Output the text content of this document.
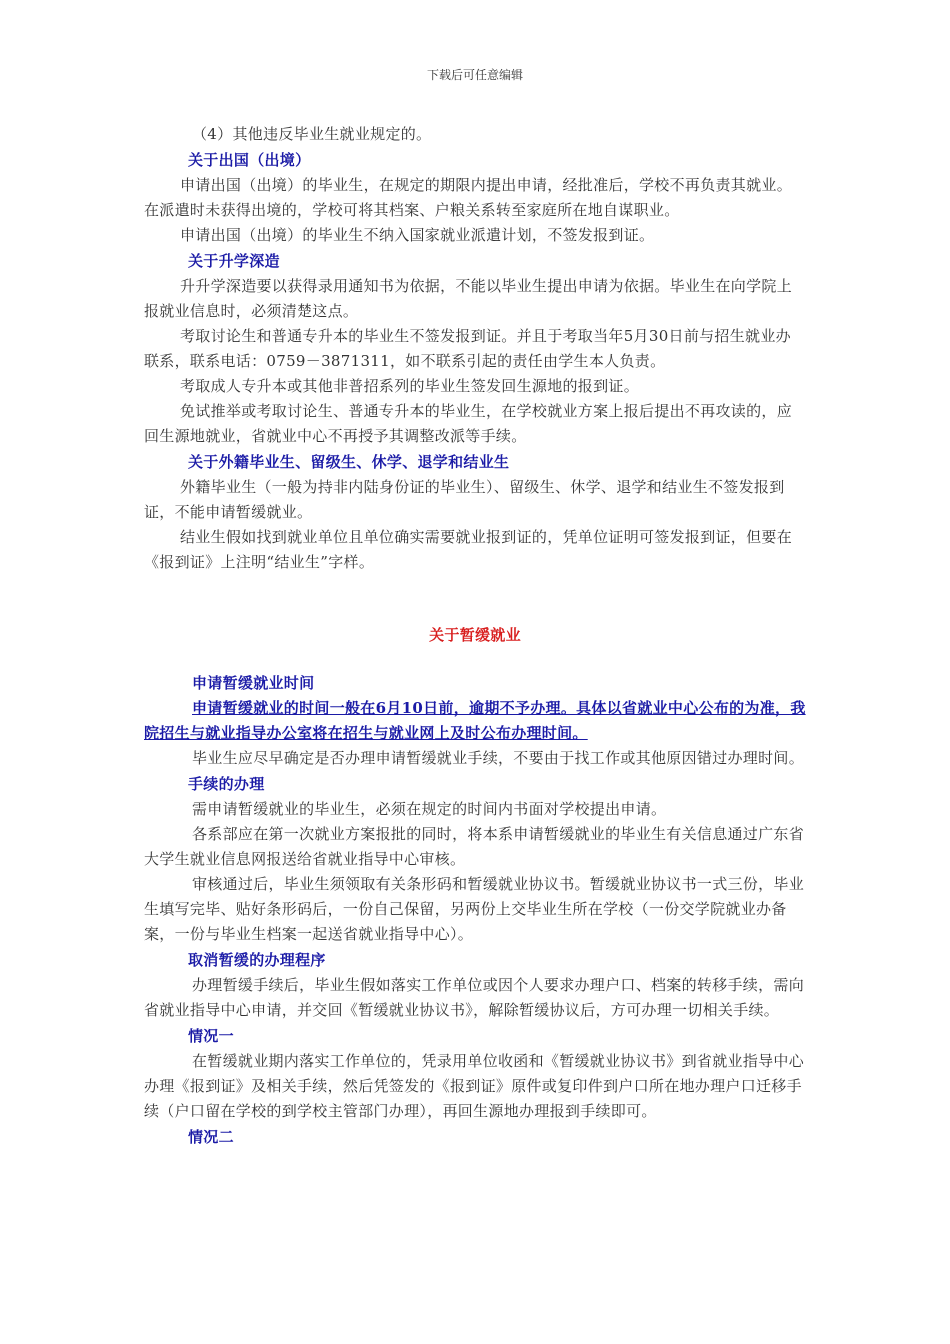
下载后可任意编辑

（4）其他违反毕业生就业规定的。

关于出国（出境）

申请出国（出境）的毕业生，在规定的期限内提出申请，经批准后，学校不再负责其就业。在派遣时未获得出境的，学校可将其档案、户粮关系转至家庭所在地自谋职业。

申请出国（出境）的毕业生不纳入国家就业派遣计划，不签发报到证。

关于升学深造

升升学深造要以获得录用通知书为依据，不能以毕业生提出申请为依据。毕业生在向学院上报就业信息时，必须清楚这点。

考取讨论生和普通专升本的毕业生不签发报到证。并且于考取当年5月30日前与招生就业办联系，联系电话：0759－3871311，如不联系引起的责任由学生本人负责。

考取成人专升本或其他非普招系列的毕业生签发回生源地的报到证。

免试推举或考取讨论生、普通专升本的毕业生，在学校就业方案上报后提出不再攻读的，应回生源地就业，省就业中心不再授予其调整改派等手续。

关于外籍毕业生、留级生、休学、退学和结业生

外籍毕业生（一般为持非内陆身份证的毕业生）、留级生、休学、退学和结业生不签发报到证，不能申请暂缓就业。

结业生假如找到就业单位且单位确实需要就业报到证的，凭单位证明可签发报到证，但要在《报到证》上注明“结业生”字样。

关于暂缓就业

申请暂缓就业时间

申请暂缓就业的时间一般在6月10日前，逾期不予办理。具体以省就业中心公布的为准，我院招生与就业指导办公室将在招生与就业网上及时公布办理时间。

毕业生应尽早确定是否办理申请暂缓就业手续，不要由于找工作或其他原因错过办理时间。

手续的办理

需申请暂缓就业的毕业生，必须在规定的时间内书面对学校提出申请。

各系部应在第一次就业方案报批的同时，将本系申请暂缓就业的毕业生有关信息通过广东省大学生就业信息网报送给省就业指导中心审核。

审核通过后，毕业生须领取有关条形码和暂缓就业协议书。暂缓就业协议书一式三份，毕业生填写完毕、贴好条形码后，一份自己保留，另两份上交毕业生所在学校（一份交学院就业办备案，一份与毕业生档案一起送省就业指导中心）。

取消暂缓的办理程序

办理暂缓手续后，毕业生假如落实工作单位或因个人要求办理户口、档案的转移手续，需向省就业指导中心申请，并交回《暂缓就业协议书》，解除暂缓协议后，方可办理一切相关手续。

情况一

在暂缓就业期内落实工作单位的，凭录用单位收函和《暂缓就业协议书》到省就业指导中心办理《报到证》及相关手续，然后凭签发的《报到证》原件或复印件到户口所在地办理户口迁移手续（户口留在学校的到学校主管部门办理），再回生源地办理报到手续即可。

情况二
